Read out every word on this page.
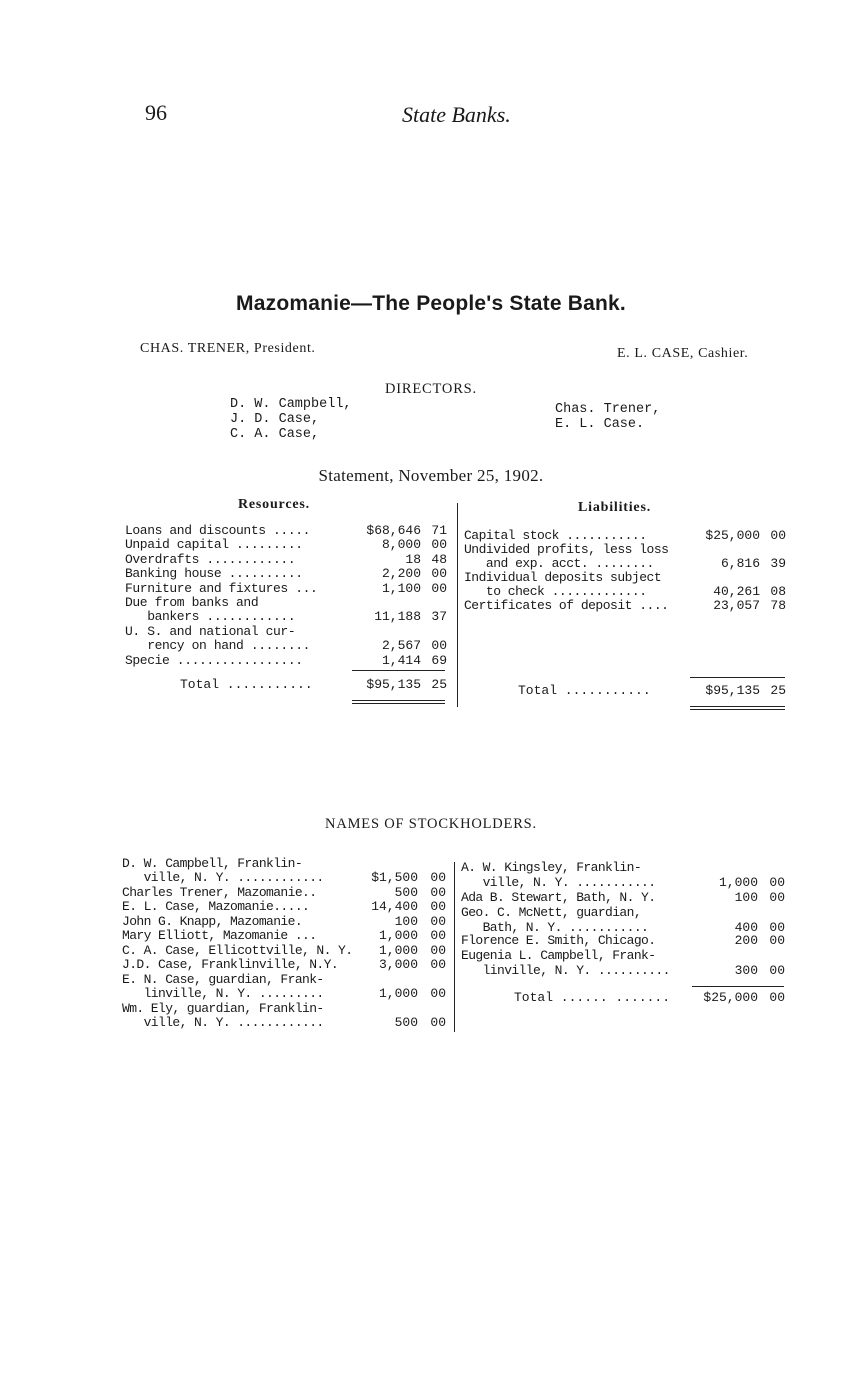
96	State Banks.
Mazomanie—The People's State Bank.
CHAS. TRENER, President.	E. L. CASE, Cashier.
DIRECTORS.
D. W. Campbell,
J. D. Case,
C. A. Case,
Chas. Trener,
E. L. Case.
Statement, November 25, 1902.
Resources.	Liabilities.
Loans and discounts .....	$68,646 71
Unpaid capital .........	8,000 00
Overdrafts ............	18 48
Banking house ..........	2,200 00
Furniture and fixtures ...	1,100 00
Due from banks and
bankers ............	11,188 37
U. S. and national cur-
rency on hand ........	2,567 00
Specie .................	1,414 69
Total ...........	$95,135 25
Capital stock ...........	$25,000 00
Undivided profits, less loss
and exp. acct. ........	6,816 39
Individual deposits subject
to check .............	40,261 08
Certificates of deposit ....	23,057 78
Total ...........	$95,135 25
NAMES OF STOCKHOLDERS.
D. W. Campbell, Franklin-
ville, N. Y. ............	$1,500 00
Charles Trener, Mazomanie..	500 00
E. L. Case, Mazomanie.....	14,400 00
John G. Knapp, Mazomanie.	100 00
Mary Elliott, Mazomanie ...	1,000 00
C. A. Case, Ellicottville, N. Y. 1,000 00
J.D. Case, Franklinville, N.Y.	3,000 00
E. N. Case, guardian, Frank-
linville, N. Y. .........	1,000 00
Wm. Ely, guardian, Franklin-
ville, N. Y. ............	500 00
A. W. Kingsley, Franklin-
ville, N. Y. ...........	1,000 00
Ada B. Stewart, Bath, N. Y.	100 00
Geo. C. McNett, guardian,
Bath, N. Y. ...........	400 00
Florence E. Smith, Chicago.	200 00
Eugenia L. Campbell, Frank-
linville, N. Y. ..........	300 00
Total ...... .......	$25,000 00
